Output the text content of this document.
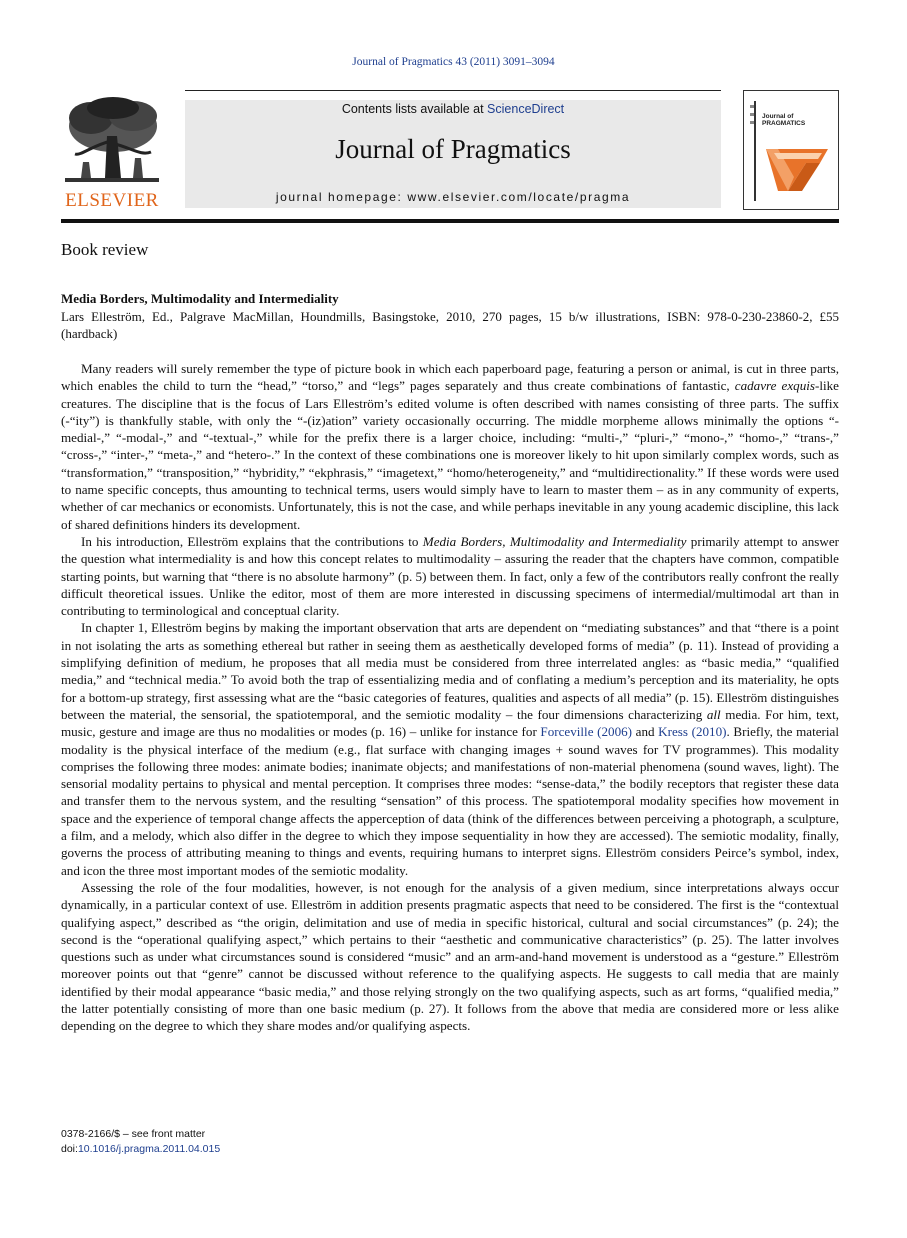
Journal of Pragmatics 43 (2011) 3091–3094
ELSEVIER
Contents lists available at ScienceDirect
Journal of Pragmatics
journal homepage: www.elsevier.com/locate/pragma
Journal of PRAGMATICS
Book review
Media Borders, Multimodality and Intermediality
Lars Elleström, Ed., Palgrave MacMillan, Houndmills, Basingstoke, 2010, 270 pages, 15 b/w illustrations, ISBN: 978-0-230-23860-2, £55 (hardback)

Many readers will surely remember the type of picture book in which each paperboard page, featuring a person or animal, is cut in three parts, which enables the child to turn the “head,” “torso,” and “legs” pages separately and thus create combinations of fantastic, cadavre exquis-like creatures. The discipline that is the focus of Lars Elleström’s edited volume is often described with names consisting of three parts. The suffix (-“ity”) is thankfully stable, with only the “-(iz)ation” variety occasionally occurring. The middle morpheme allows minimally the options “-medial-,” “-modal-,” and “-textual-,” while for the prefix there is a larger choice, including: “multi-,” “pluri-,” “mono-,” “homo-,” “trans-,” “cross-,” “inter-,” “meta-,” and “hetero-.” In the context of these combinations one is moreover likely to hit upon similarly complex words, such as “transformation,” “transposition,” “hybridity,” “ekphrasis,” “imagetext,” “homo/heterogeneity,” and “multidirectionality.” If these words were used to name specific concepts, thus amounting to technical terms, users would simply have to learn to master them – as in any community of experts, whether of car mechanics or economists. Unfortunately, this is not the case, and while perhaps inevitable in any young academic discipline, this lack of shared definitions hinders its development.

In his introduction, Elleström explains that the contributions to Media Borders, Multimodality and Intermediality primarily attempt to answer the question what intermediality is and how this concept relates to multimodality – assuring the reader that the chapters have common, compatible starting points, but warning that “there is no absolute harmony” (p. 5) between them. In fact, only a few of the contributors really confront the really difficult theoretical issues. Unlike the editor, most of them are more interested in discussing specimens of intermedial/multimodal art than in contributing to terminological and conceptual clarity.

In chapter 1, Elleström begins by making the important observation that arts are dependent on “mediating substances” and that “there is a point in not isolating the arts as something ethereal but rather in seeing them as aesthetically developed forms of media” (p. 11). Instead of providing a simplifying definition of medium, he proposes that all media must be considered from three interrelated angles: as “basic media,” “qualified media,” and “technical media.” To avoid both the trap of essentializing media and of conflating a medium’s perception and its materiality, he opts for a bottom-up strategy, first assessing what are the “basic categories of features, qualities and aspects of all media” (p. 15). Elleström distinguishes between the material, the sensorial, the spatiotemporal, and the semiotic modality – the four dimensions characterizing all media. For him, text, music, gesture and image are thus no modalities or modes (p. 16) – unlike for instance for Forceville (2006) and Kress (2010). Briefly, the material modality is the physical interface of the medium (e.g., flat surface with changing images + sound waves for TV programmes). This modality comprises the following three modes: animate bodies; inanimate objects; and manifestations of non-material phenomena (sound waves, light). The sensorial modality pertains to physical and mental perception. It comprises three modes: “sense-data,” the bodily receptors that register these data and transfer them to the nervous system, and the resulting “sensation” of this process. The spatiotemporal modality specifies how movement in space and the experience of temporal change affects the apperception of data (think of the differences between perceiving a photograph, a sculpture, a film, and a melody, which also differ in the degree to which they impose sequentiality in how they are accessed). The semiotic modality, finally, governs the process of attributing meaning to things and events, requiring humans to interpret signs. Elleström considers Peirce’s symbol, index, and icon the three most important modes of the semiotic modality.

Assessing the role of the four modalities, however, is not enough for the analysis of a given medium, since interpretations always occur dynamically, in a particular context of use. Elleström in addition presents pragmatic aspects that need to be considered. The first is the “contextual qualifying aspect,” described as “the origin, delimitation and use of media in specific historical, cultural and social circumstances” (p. 24); the second is the “operational qualifying aspect,” which pertains to their “aesthetic and communicative characteristics” (p. 25). The latter involves questions such as under what circumstances sound is considered “music” and an arm-and-hand movement is understood as a “gesture.” Elleström moreover points out that “genre” cannot be discussed without reference to the qualifying aspects. He suggests to call media that are mainly identified by their modal appearance “basic media,” and those relying strongly on the two qualifying aspects, such as art forms, “qualified media,” the latter potentially consisting of more than one basic medium (p. 27). It follows from the above that media are considered more or less alike depending on the degree to which they share modes and/or qualifying aspects.

0378-2166/$ – see front matter
doi:10.1016/j.pragma.2011.04.015
